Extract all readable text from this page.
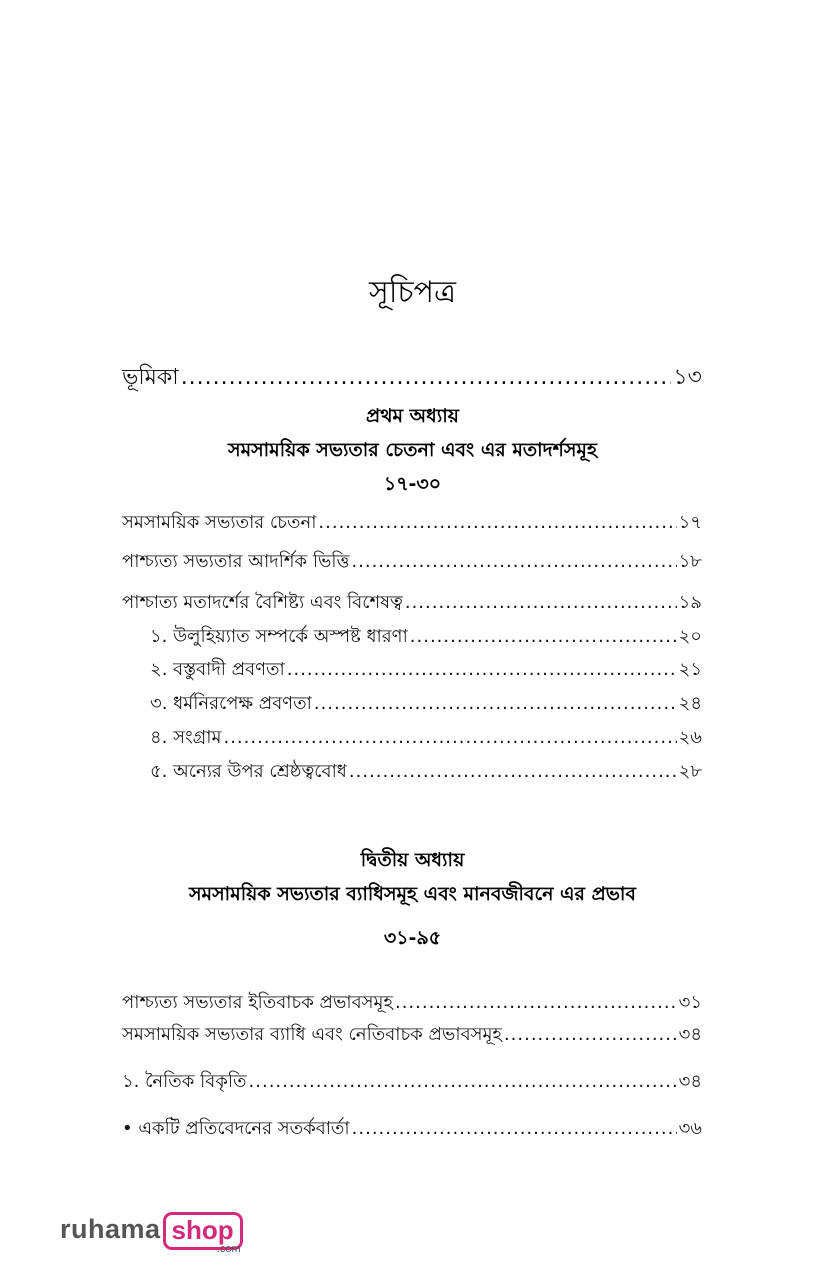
সূচিপত্র
ভূমিকা .....	১৩
প্রথম অধ্যায়
সমসাময়িক সভ্যতার চেতনা এবং এর মতাদর্শসমূহ
১৭-৩০
সমসাময়িক সভ্যতার চেতনা .....	১৭
পাশ্চ্যত্য সভ্যতার আদর্শিক ভিত্তি .....	১৮
পাশ্চাত্য মতাদর্শের বৈশিষ্ট্য এবং বিশেষত্ব .....	১৯
১. উলুহিয়্যাত সম্পর্কে অস্পষ্ট ধারণা .....	২০
২. বস্তুবাদী প্রবণতা .....	২১
৩. ধর্মনিরপেক্ষ প্রবণতা .....	২৪
৪. সংগ্রাম .....	২৬
৫. অন্যের উপর শ্রেষ্ঠত্ববোধ .....	২৮
দ্বিতীয় অধ্যায়
সমসাময়িক সভ্যতার ব্যাধিসমূহ এবং মানবজীবনে এর প্রভাব
৩১-৯৫
পাশ্চ্যত্য সভ্যতার ইতিবাচক প্রভাবসমূহ .....	৩১
সমসাময়িক সভ্যতার ব্যাধি এবং নেতিবাচক প্রভাবসমূহ .....	৩৪
১. নৈতিক বিকৃতি .....	৩৪
• একটি প্রতিবেদনের সতর্কবার্তা .....	৩৬
ruhama shop
.com
